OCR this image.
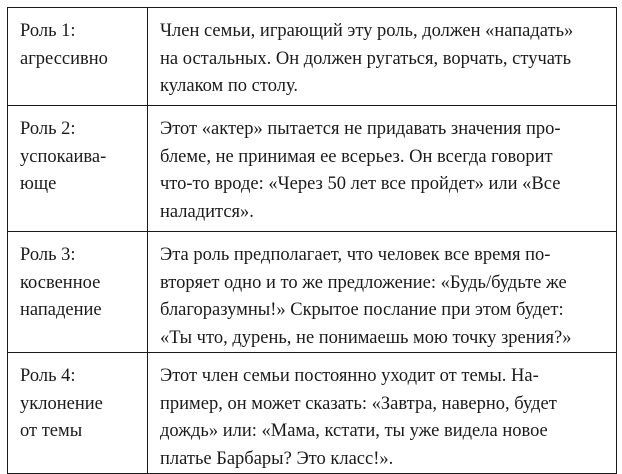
Роль 1:
агрессивно	Член семьи, играющий эту роль, должен «нападать»
на остальных. Он должен ругаться, ворчать, стучать
кулаком по столу.

Роль 2:
успокаива-
юще	Этот «актер» пытается не придавать значения про-
блеме, не принимая ее всерьез. Он всегда говорит
что-то вроде: «Через 50 лет все пройдет» или «Все
наладится».

Роль 3:
косвенное
нападение	Эта роль предполагает, что человек все время по-
вторяет одно и то же предложение: «Будь/будьте же
благоразумны!» Скрытое послание при этом будет:
«Ты что, дурень, не понимаешь мою точку зрения?»

Роль 4:
уклонение
от темы	Этот член семьи постоянно уходит от темы. На-
пример, он может сказать: «Завтра, наверно, будет
дождь» или: «Мама, кстати, ты уже видела новое
платье Барбары? Это класс!».
